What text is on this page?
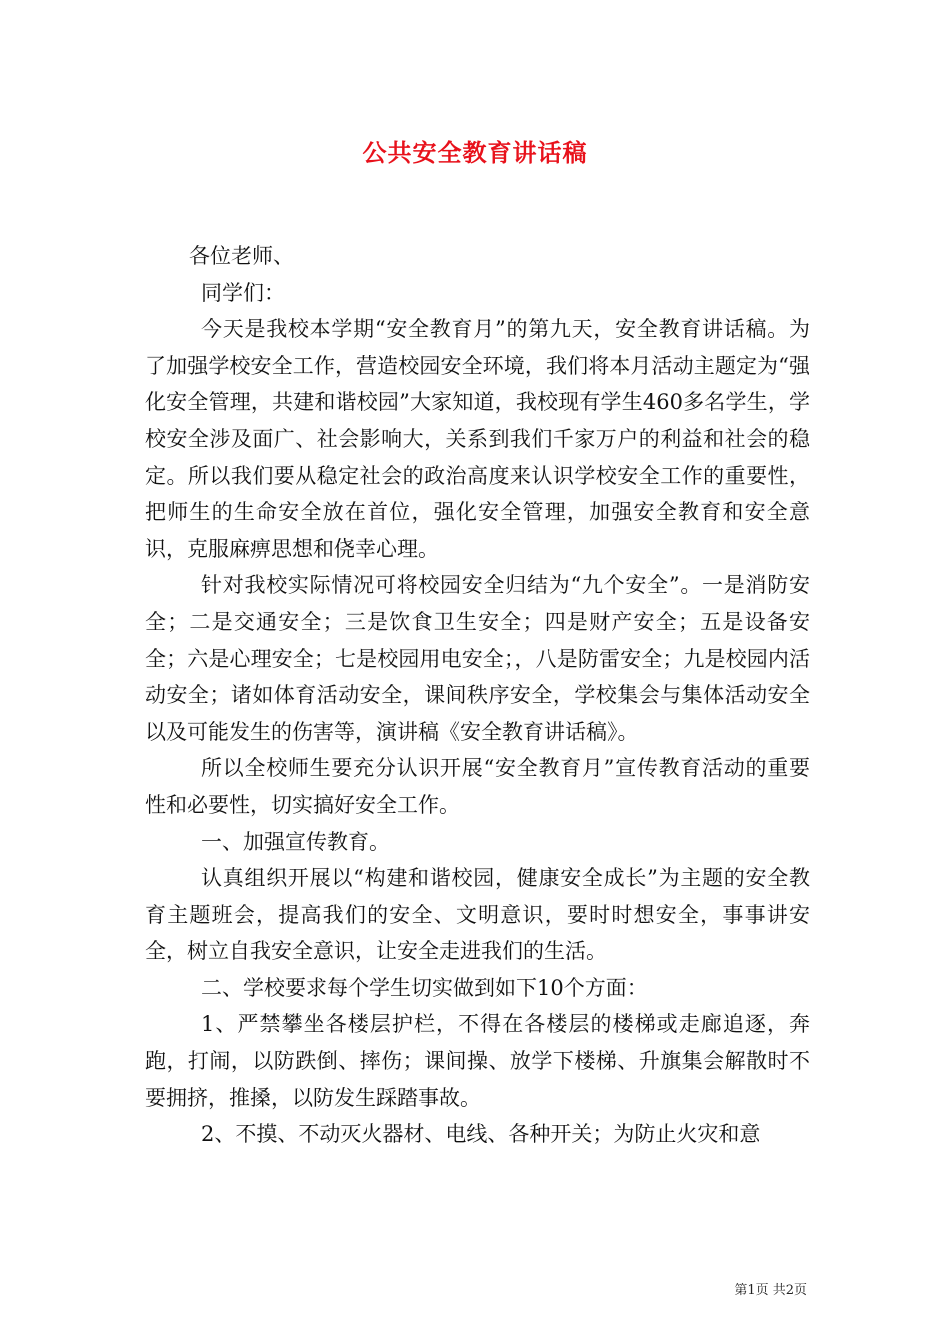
公共安全教育讲话稿

各位老师、

同学们：

今天是我校本学期“安全教育月”的第九天，安全教育讲话稿。为了加强学校安全工作，营造校园安全环境，我们将本月活动主题定为“强化安全管理，共建和谐校园”大家知道，我校现有学生460多名学生，学校安全涉及面广、社会影响大，关系到我们千家万户的利益和社会的稳定。所以我们要从稳定社会的政治高度来认识学校安全工作的重要性，把师生的生命安全放在首位，强化安全管理，加强安全教育和安全意识，克服麻痹思想和侥幸心理。

针对我校实际情况可将校园安全归结为“九个安全”。一是消防安全；二是交通安全；三是饮食卫生安全；四是财产安全；五是设备安全；六是心理安全；七是校园用电安全；，八是防雷安全；九是校园内活动安全；诸如体育活动安全，课间秩序安全，学校集会与集体活动安全以及可能发生的伤害等，演讲稿《安全教育讲话稿》。

所以全校师生要充分认识开展“安全教育月”宣传教育活动的重要性和必要性，切实搞好安全工作。

一、加强宣传教育。

认真组织开展以“构建和谐校园，健康安全成长”为主题的安全教育主题班会，提高我们的安全、文明意识，要时时想安全，事事讲安全，树立自我安全意识，让安全走进我们的生活。

二、学校要求每个学生切实做到如下10个方面：

1、严禁攀坐各楼层护栏，不得在各楼层的楼梯或走廊追逐，奔跑，打闹，以防跌倒、摔伤；课间操、放学下楼梯、升旗集会解散时不要拥挤，推搡，以防发生踩踏事故。

2、不摸、不动灭火器材、电线、各种开关；为防止火灾和意

第1页 共2页
